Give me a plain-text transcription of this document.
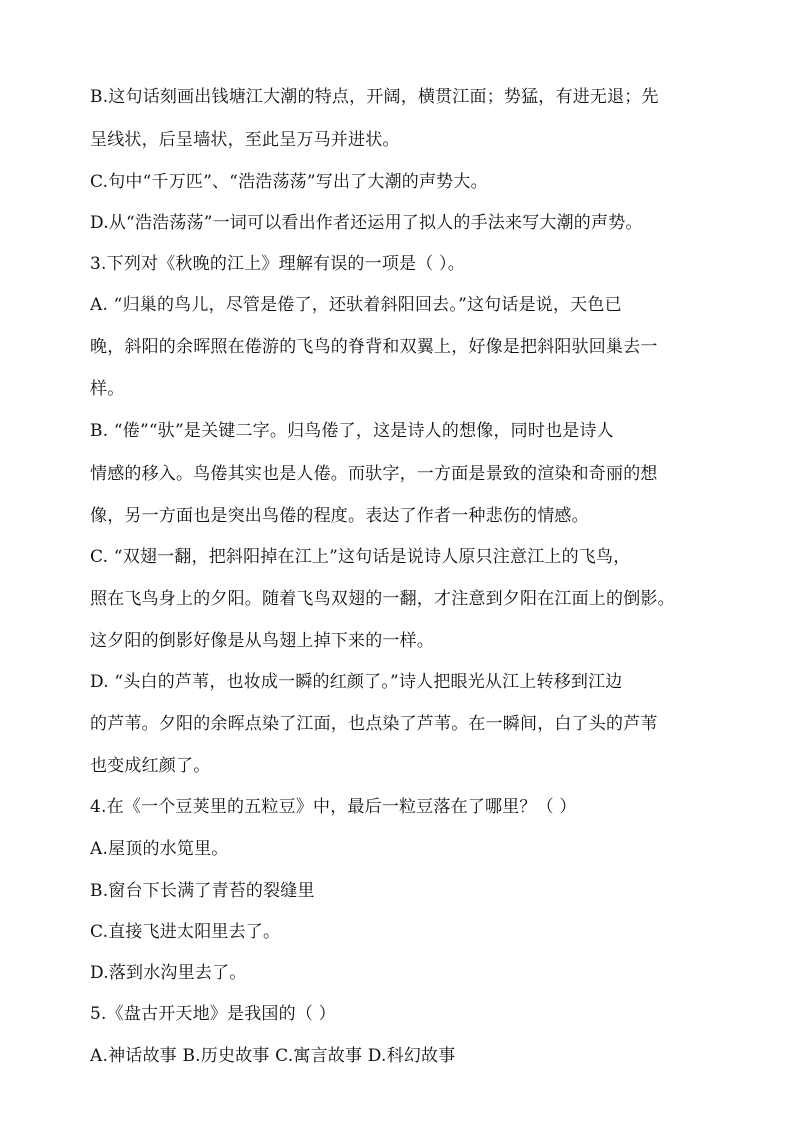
B.这句话刻画出钱塘江大潮的特点，开阔，横贯江面；势猛，有进无退；先
呈线状，后呈墙状，至此呈万马并进状。
C.句中“千万匹”、“浩浩荡荡”写出了大潮的声势大。
D.从“浩浩荡荡”一词可以看出作者还运用了拟人的手法来写大潮的声势。
3.下列对《秋晚的江上》理解有误的一项是（ ）。
A. “归巢的鸟儿，尽管是倦了，还驮着斜阳回去。”这句话是说，天色已
晚，斜阳的余晖照在倦游的飞鸟的脊背和双翼上，好像是把斜阳驮回巢去一
样。
B. “倦”“驮”是关键二字。归鸟倦了，这是诗人的想像，同时也是诗人
情感的移入。鸟倦其实也是人倦。而驮字，一方面是景致的渲染和奇丽的想
像，另一方面也是突出鸟倦的程度。表达了作者一种悲伤的情感。
C. “双翅一翻，把斜阳掉在江上”这句话是说诗人原只注意江上的飞鸟，
照在飞鸟身上的夕阳。随着飞鸟双翅的一翻，才注意到夕阳在江面上的倒影。
这夕阳的倒影好像是从鸟翅上掉下来的一样。
D. “头白的芦苇，也妆成一瞬的红颜了。”诗人把眼光从江上转移到江边
的芦苇。夕阳的余晖点染了江面，也点染了芦苇。在一瞬间，白了头的芦苇
也变成红颜了。
4.在《一个豆荚里的五粒豆》中，最后一粒豆落在了哪里？（ ）
A.屋顶的水笕里。
B.窗台下长满了青苔的裂缝里
C.直接飞进太阳里去了。
D.落到水沟里去了。
5.《盘古开天地》是我国的（ ）
A.神话故事 B.历史故事 C.寓言故事 D.科幻故事
